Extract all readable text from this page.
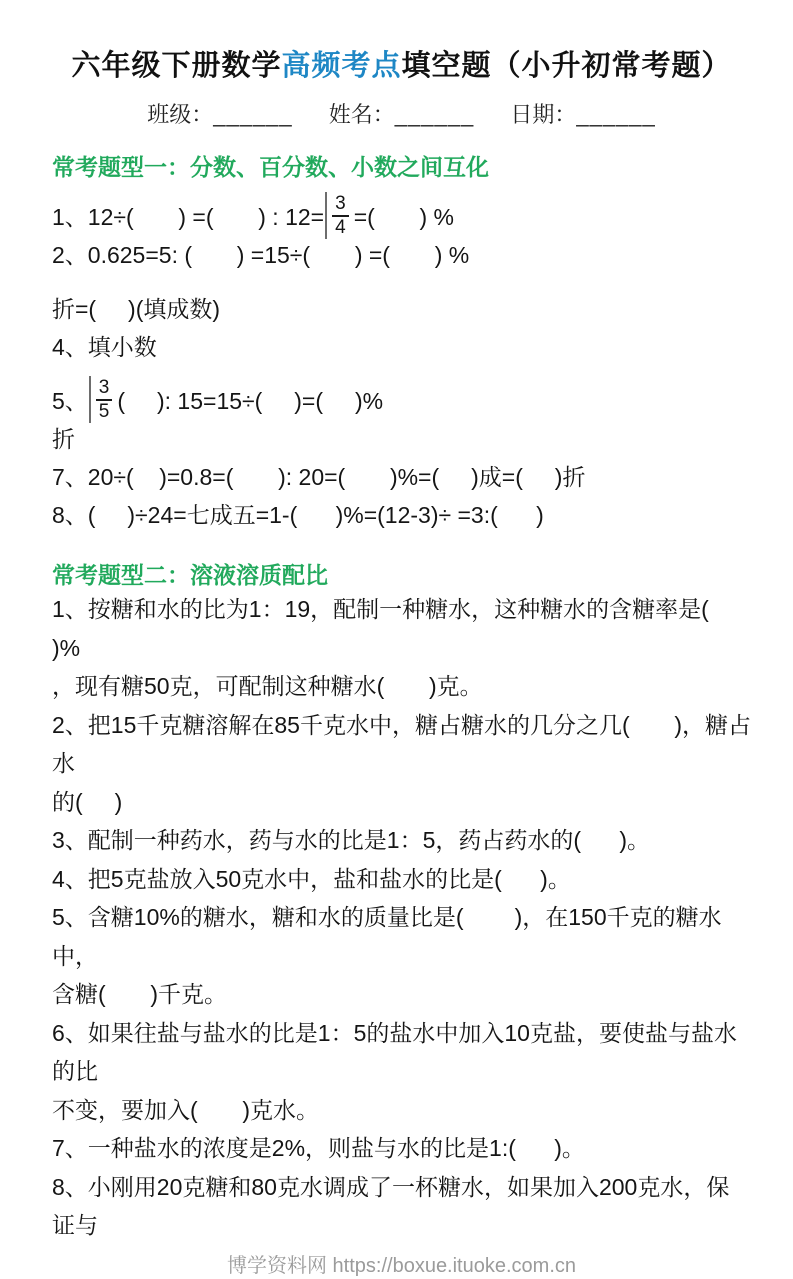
六年级下册数学高频考点填空题（小升初常考题）
班级：______ 姓名：______ 日期：______
常考题型一：分数、百分数、小数之间互化
1、12÷(       ) =(       ) : $12= \frac{3}{4}$ =(       ) %
2、0.625=5: (       ) =15÷(       ) =(       ) %
折=(     )(填成数)
4、填小数
5、 $\frac{3}{5}$ (     ): 15=15÷(     )=(     )%
折
7、20÷(    )=0.8=(       ): 20=(       )%=(     )成=(     )折
8、(     )÷24=七成五=1-(      )%=(12-3)÷ =3:(      )
常考题型二：溶液溶质配比
1、按糖和水的比为1：19，配制一种糖水，这种糖水的含糖率是(       )%
，现有糖50克，可配制这种糖水(       )克。
2、把15千克糖溶解在85千克水中，糖占糖水的几分之几(       )，糖占水
的(     )
3、配制一种药水，药与水的比是1：5，药占药水的(      )。
4、把5克盐放入50克水中，盐和盐水的比是(      )。
5、含糖10%的糖水，糖和水的质量比是(        )，在150千克的糖水中，
含糖(       )千克。
6、如果往盐与盐水的比是1：5的盐水中加入10克盐，要使盐与盐水的比
不变，要加入(       )克水。
7、一种盐水的浓度是2%，则盐与水的比是1:(      )。
8、小刚用20克糖和80克水调成了一杯糖水，如果加入200克水，保证与
博学资料网 https://boxue.ituoke.com.cn
